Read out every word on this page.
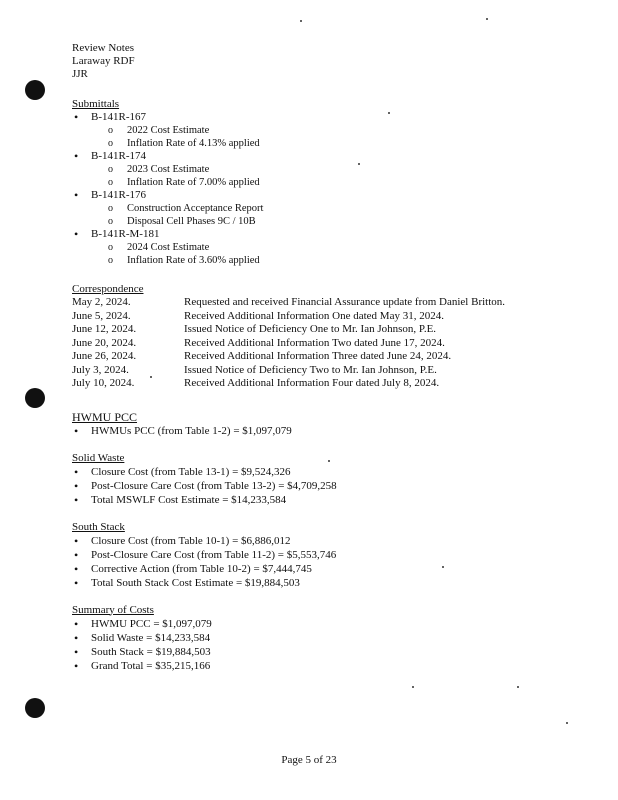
Review Notes
Laraway RDF
JJR
Submittals
• B-141R-167
o 2022 Cost Estimate
o Inflation Rate of 4.13% applied
• B-141R-174
o 2023 Cost Estimate
o Inflation Rate of 7.00% applied
• B-141R-176
o Construction Acceptance Report
o Disposal Cell Phases 9C / 10B
• B-141R-M-181
o 2024 Cost Estimate
o Inflation Rate of 3.60% applied
Correspondence
May 2, 2024.	Requested and received Financial Assurance update from Daniel Britton.
June 5, 2024.	Received Additional Information One dated May 31, 2024.
June 12, 2024.	Issued Notice of Deficiency One to Mr. Ian Johnson, P.E.
June 20, 2024.	Received Additional Information Two dated June 17, 2024.
June 26, 2024.	Received Additional Information Three dated June 24, 2024.
July 3, 2024.	Issued Notice of Deficiency Two to Mr. Ian Johnson, P.E.
July 10, 2024.	Received Additional Information Four dated July 8, 2024.
HWMU PCC
• HWMUs PCC (from Table 1-2) = $1,097,079
Solid Waste
• Closure Cost (from Table 13-1) = $9,524,326
• Post-Closure Care Cost (from Table 13-2) = $4,709,258
• Total MSWLF Cost Estimate = $14,233,584
South Stack
• Closure Cost (from Table 10-1) = $6,886,012
• Post-Closure Care Cost (from Table 11-2) = $5,553,746
• Corrective Action (from Table 10-2) = $7,444,745
• Total South Stack Cost Estimate = $19,884,503
Summary of Costs
• HWMU PCC = $1,097,079
• Solid Waste = $14,233,584
• South Stack = $19,884,503
• Grand Total = $35,215,166
Page 5 of 23
